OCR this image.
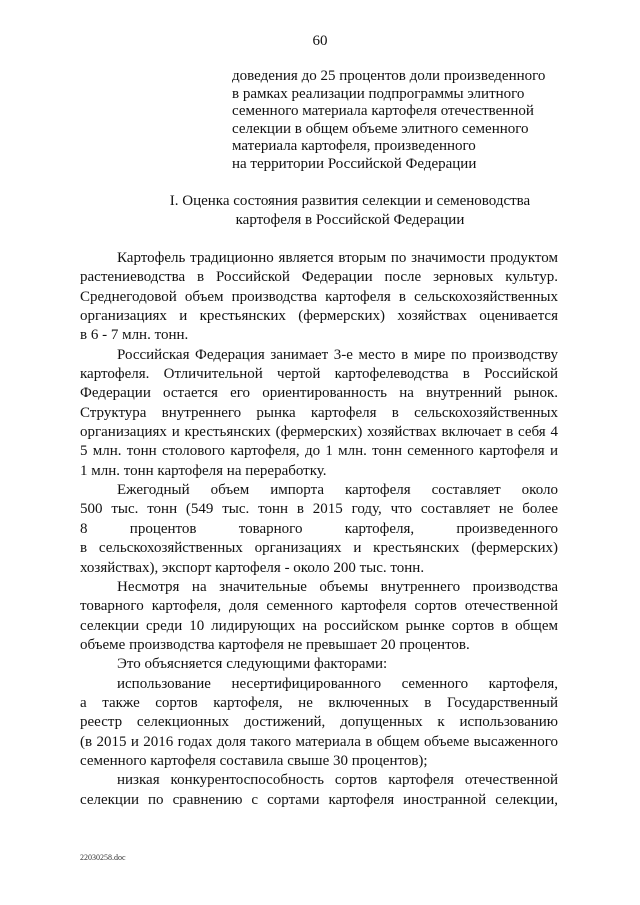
60
доведения до 25 процентов доли произведенного
в рамках реализации подпрограммы элитного
семенного материала картофеля отечественной
селекции в общем объеме элитного семенного
материала картофеля, произведенного
на территории Российской Федерации
I. Оценка состояния развития селекции и семеноводства
картофеля в Российской Федерации
Картофель традиционно является вторым по значимости продуктом
растениеводства в Российской Федерации после зерновых культур.
Среднегодовой объем производства картофеля в сельскохозяйственных
организациях и крестьянских (фермерских) хозяйствах оценивается
в 6 - 7 млн. тонн.
Российская Федерация занимает 3-е место в мире по производству
картофеля. Отличительной чертой картофелеводства в Российской
Федерации остается его ориентированность на внутренний рынок.
Структура внутреннего рынка картофеля в сельскохозяйственных
организациях и крестьянских (фермерских) хозяйствах включает в себя 4
5 млн. тонн столового картофеля, до 1 млн. тонн семенного картофеля и
1 млн. тонн картофеля на переработку.
Ежегодный объем импорта картофеля составляет около
500 тыс. тонн (549 тыс. тонн в 2015 году, что составляет не более
8 процентов товарного картофеля, произведенного
в сельскохозяйственных организациях и крестьянских (фермерских)
хозяйствах), экспорт картофеля - около 200 тыс. тонн.
Несмотря на значительные объемы внутреннего производства
товарного картофеля, доля семенного картофеля сортов отечественной
селекции среди 10 лидирующих на российском рынке сортов в общем
объеме производства картофеля не превышает 20 процентов.
Это объясняется следующими факторами:
использование несертифицированного семенного картофеля,
а также сортов картофеля, не включенных в Государственный
реестр селекционных достижений, допущенных к использованию
(в 2015 и 2016 годах доля такого материала в общем объеме высаженного
семенного картофеля составила свыше 30 процентов);
низкая конкурентоспособность сортов картофеля отечественной
селекции по сравнению с сортами картофеля иностранной селекции,
22030258.doc
